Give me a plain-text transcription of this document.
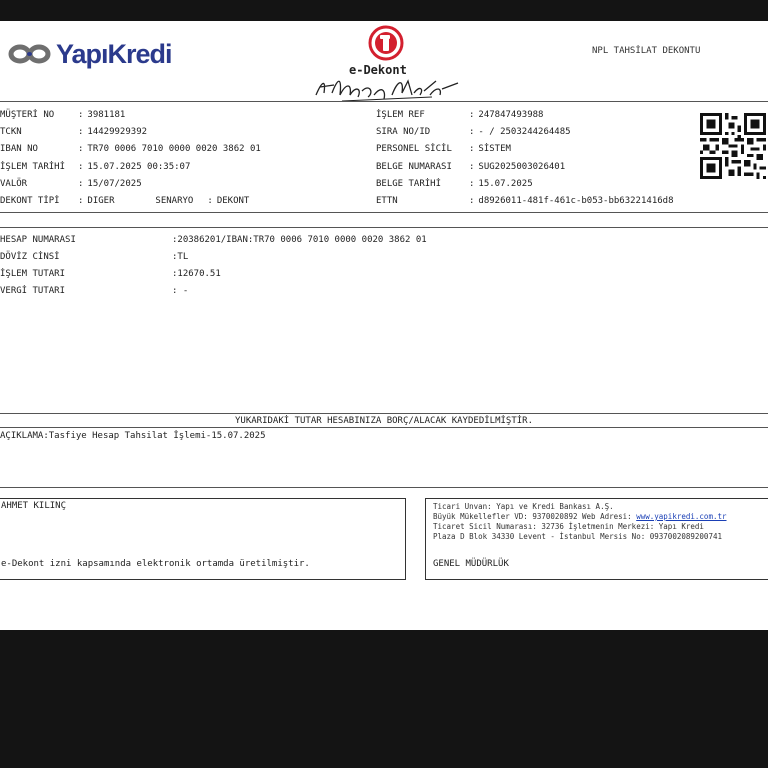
YapıKredi
e-Dekont
NPL TAHSİLAT DEKONTU
MÜŞTERİ NO	: 3981181
TCKN	: 14429929392
IBAN NO	: TR70 0006 7010 0000 0020 3862 01
İŞLEM TARİHİ : 15.07.2025 00:35:07
VALÖR	: 15/07/2025
DEKONT TİPİ : DIGER	SENARYO : DEKONT
İŞLEM REF	: 247847493988
SIRA NO/ID	: - / 2503244264485
PERSONEL SİCİL : SİSTEM
BELGE NUMARASI : SUG2025003026401
BELGE TARİHİ	: 15.07.2025
ETTN	: d8926011-481f-461c-b053-bb63221416d8
HESAP NUMARASI	:20386201/IBAN:TR70 0006 7010 0000 0020 3862 01
DÖVİZ CİNSİ	:TL
İŞLEM TUTARI	:12670.51
VERGİ TUTARI	: -
YUKARIDAKİ TUTAR HESABINIZA BORÇ/ALACAK KAYDEDİLMİŞTİR.
AÇIKLAMA:Tasfiye Hesap Tahsilat İşlemi-15.07.2025
AHMET KILINÇ
e-Dekont izni kapsamında elektronik ortamda üretilmiştir.
Ticari Unvan: Yapı ve Kredi Bankası A.Ş.
Büyük Mükellefler VD: 9370020892 Web Adresi: www.yapikredi.com.tr
Ticaret Sicil Numarası: 32736 İşletmenin Merkezi: Yapı Kredi
Plaza D Blok 34330 Levent - İstanbul Mersis No: 0937002089200741
GENEL MÜDÜRLÜK
